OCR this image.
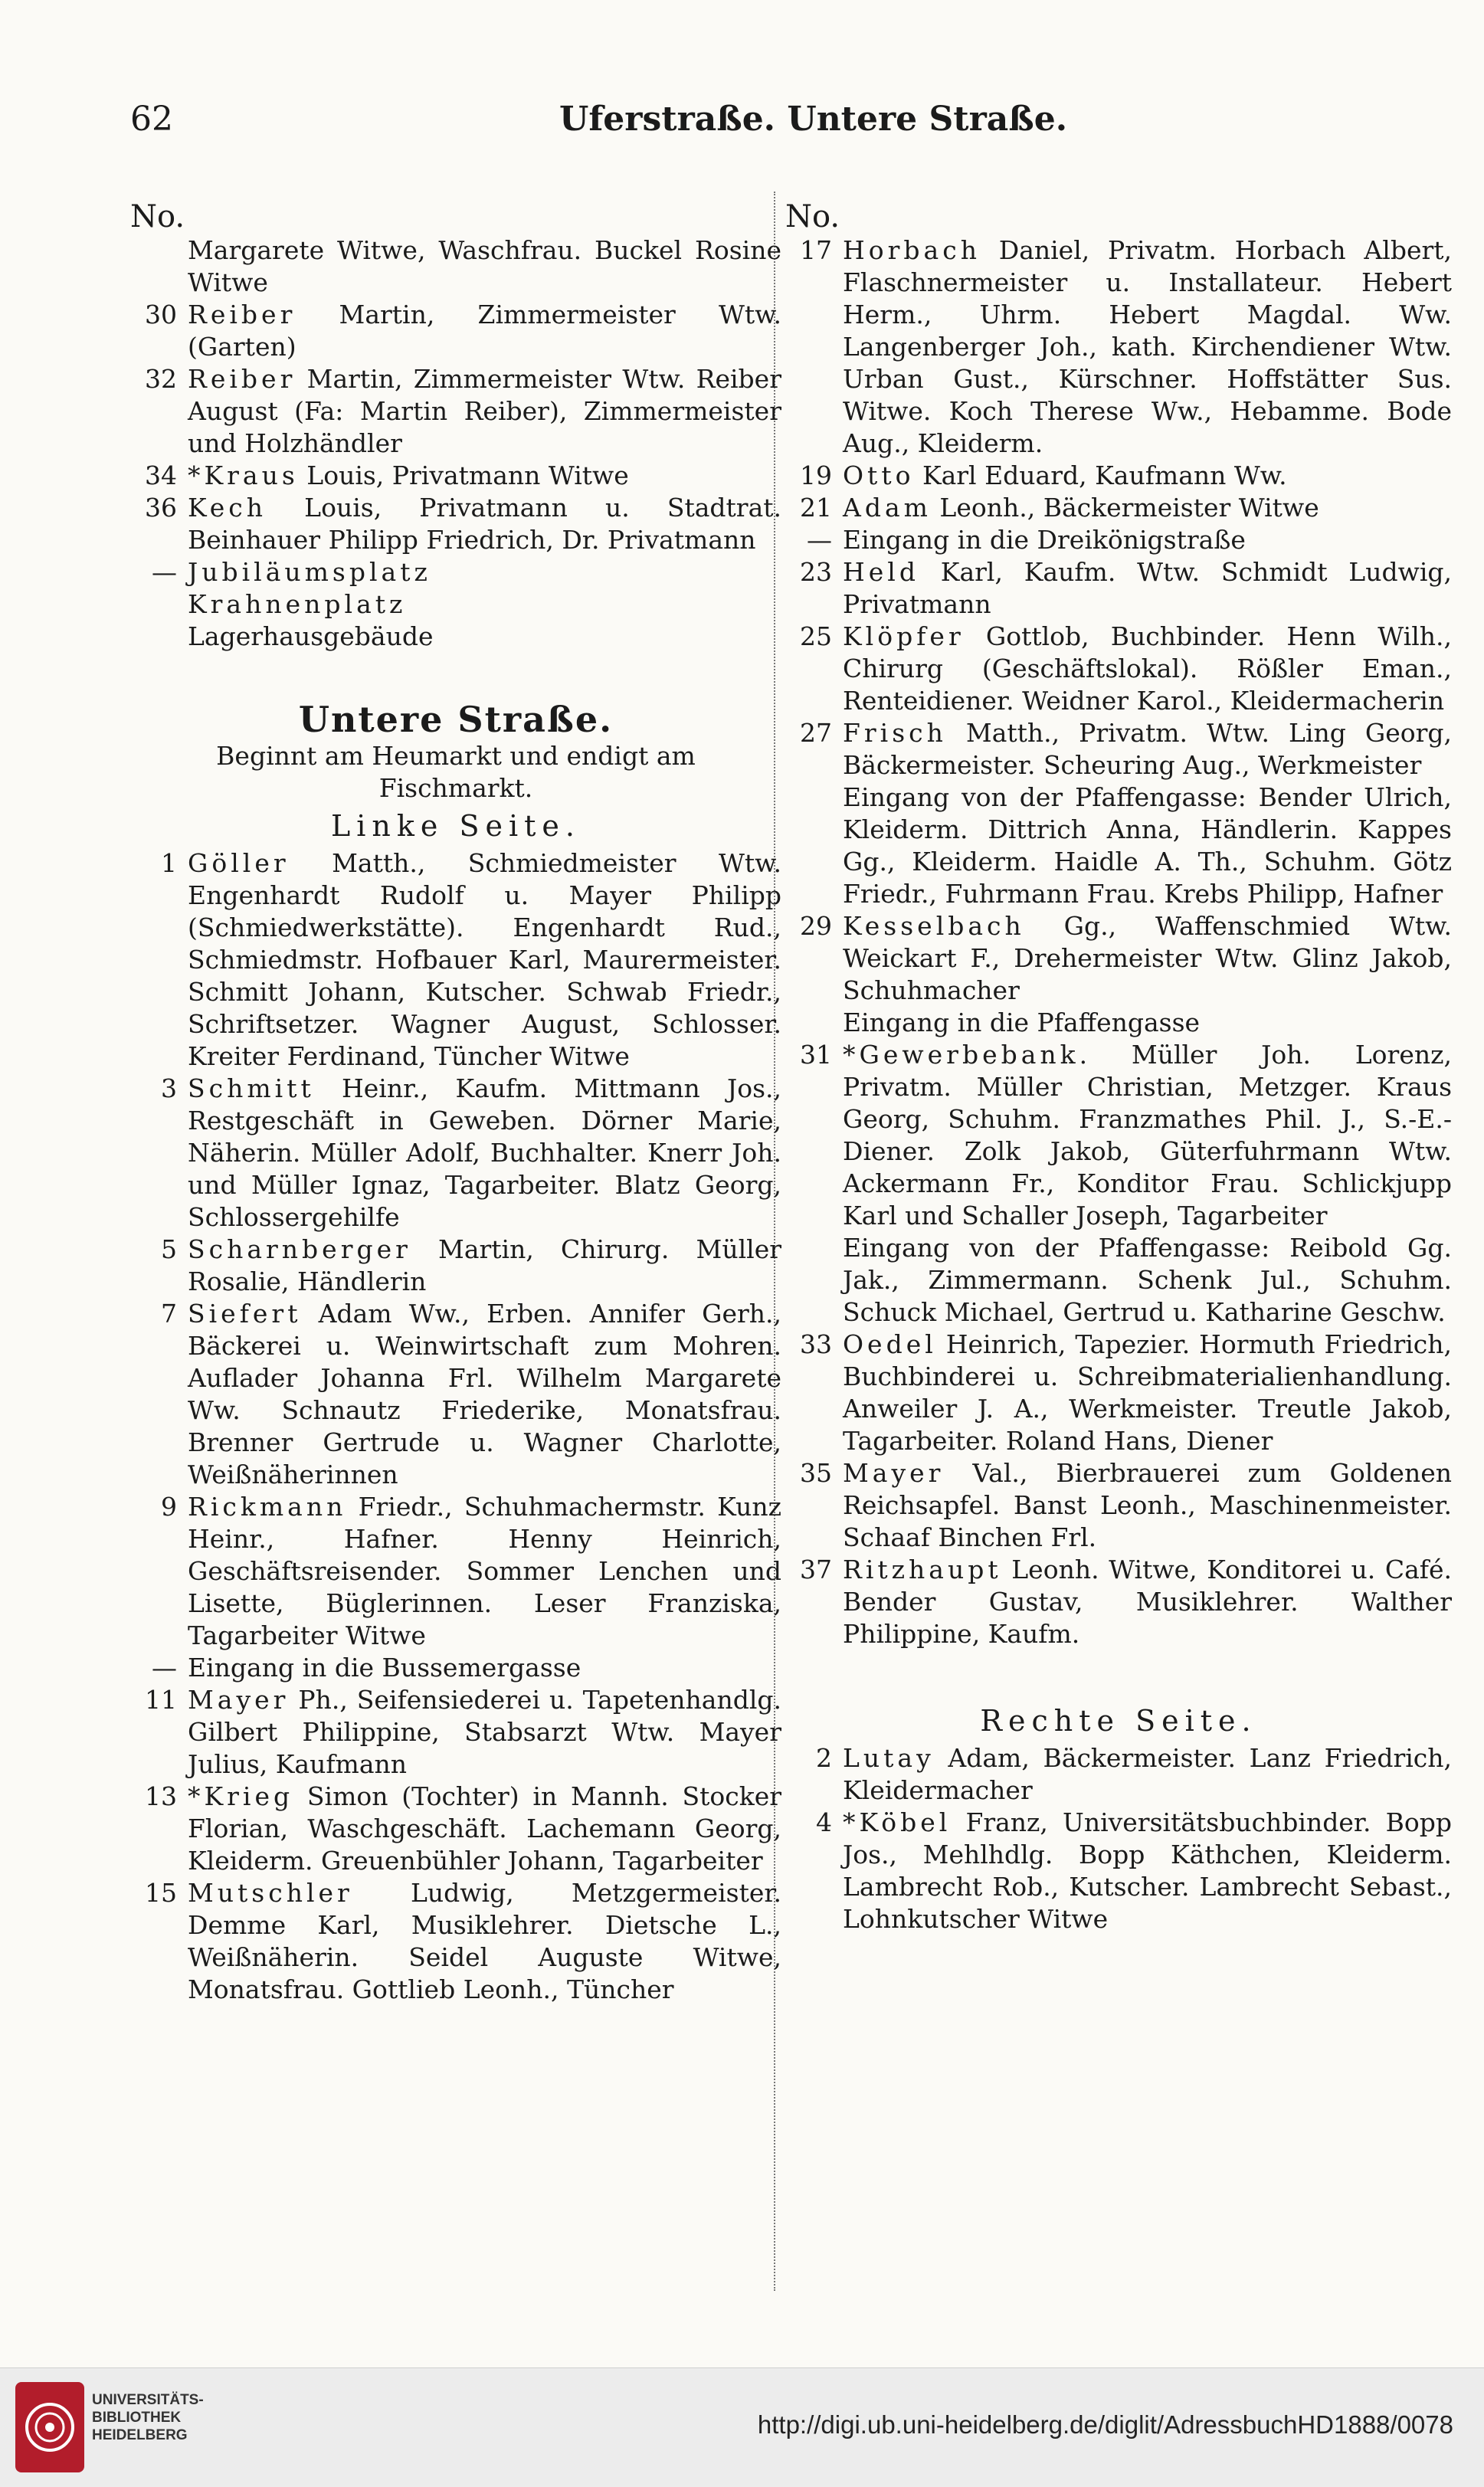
62	Uferstraße. Untere Straße.
No.
Margarete Witwe, Waschfrau. Buckel Rosine Witwe
30 Reiber Martin, Zimmermeister Wtw. (Garten)
32 Reiber Martin, Zimmermeister Wtw. Reiber August (Fa: Martin Reiber), Zimmermeister und Holzhändler
34 *Kraus Louis, Privatmann Witwe
36 Kech Louis, Privatmann u. Stadtrat. Beinhauer Philipp Friedrich, Dr. Privatmann
— Jubiläumsplatz
Krahnenplatz
Lagerhausgebäude
Untere Straße.
Beginnt am Heumarkt und endigt am Fischmarkt.
Linke Seite.
1 Göller Matth., Schmiedmeister Wtw. Engenhardt Rudolf u. Mayer Philipp (Schmiedwerkstätte). Engenhardt Rud., Schmiedmstr. Hofbauer Karl, Maurermeister. Schmitt Johann, Kutscher. Schwab Friedr., Schriftsetzer. Wagner August, Schlosser. Kreiter Ferdinand, Tüncher Witwe
3 Schmitt Heinr., Kaufm. Mittmann Jos., Restgeschäft in Geweben. Dörner Marie, Näherin. Müller Adolf, Buchhalter. Knerr Joh. und Müller Ignaz, Tagarbeiter. Blatz Georg, Schlossergehilfe
5 Scharnberger Martin, Chirurg. Müller Rosalie, Händlerin
7 Siefert Adam Ww., Erben. Annifer Gerh., Bäckerei u. Weinwirtschaft zum Mohren. Auflader Johanna Frl. Wilhelm Margarete Ww. Schnautz Friederike, Monatsfrau. Brenner Gertrude u. Wagner Charlotte, Weißnäherinnen
9 Rickmann Friedr., Schuhmachermstr. Kunz Heinr., Hafner. Henny Heinrich, Geschäftsreisender. Sommer Lenchen und Lisette, Büglerinnen. Leser Franziska, Tagarbeiter Witwe
— Eingang in die Bussemergasse
11 Mayer Ph., Seifensiederei u. Tapetenhandlg. Gilbert Philippine, Stabsarzt Wtw. Mayer Julius, Kaufmann
13 *Krieg Simon (Tochter) in Mannh. Stocker Florian, Waschgeschäft. Lachemann Georg, Kleiderm. Greuenbühler Johann, Tagarbeiter
15 Mutschler Ludwig, Metzgermeister. Demme Karl, Musiklehrer. Dietsche L., Weißnäherin. Seidel Auguste Witwe, Monatsfrau. Gottlieb Leonh., Tüncher
No.
17 Horbach Daniel, Privatm. Horbach Albert, Flaschnermeister u. Installateur. Hebert Herm., Uhrm. Hebert Magdal. Ww. Langenberger Joh., kath. Kirchendiener Wtw. Urban Gust., Kürschner. Hoffstätter Sus. Witwe. Koch Therese Ww., Hebamme. Bode Aug., Kleiderm.
19 Otto Karl Eduard, Kaufmann Ww.
21 Adam Leonh., Bäckermeister Witwe
— Eingang in die Dreikönigstraße
23 Held Karl, Kaufm. Wtw. Schmidt Ludwig, Privatmann
25 Klöpfer Gottlob, Buchbinder. Henn Wilh., Chirurg (Geschäftslokal). Rößler Eman., Renteidiener. Weidner Karol., Kleidermacherin
27 Frisch Matth., Privatm. Wtw. Ling Georg, Bäckermeister. Scheuring Aug., Werkmeister
Eingang von der Pfaffengasse: Bender Ulrich, Kleiderm. Dittrich Anna, Händlerin. Kappes Gg., Kleiderm. Haidle A. Th., Schuhm. Götz Friedr., Fuhrmann Frau. Krebs Philipp, Hafner
29 Kesselbach Gg., Waffenschmied Wtw. Weickart F., Drehermeister Wtw. Glinz Jakob, Schuhmacher
Eingang in die Pfaffengasse
31 *Gewerbebank. Müller Joh. Lorenz, Privatm. Müller Christian, Metzger. Kraus Georg, Schuhm. Franzmathes Phil. J., S.-E.-Diener. Zolk Jakob, Güterfuhrmann Wtw. Ackermann Fr., Konditor Frau. Schlickjupp Karl und Schaller Joseph, Tagarbeiter
Eingang von der Pfaffengasse: Reibold Gg. Jak., Zimmermann. Schenk Jul., Schuhm. Schuck Michael, Gertrud u. Katharine Geschw.
33 Oedel Heinrich, Tapezier. Hormuth Friedrich, Buchbinderei u. Schreibmaterialienhandlung. Anweiler J. A., Werkmeister. Treutle Jakob, Tagarbeiter. Roland Hans, Diener
35 Mayer Val., Bierbrauerei zum Goldenen Reichsapfel. Banst Leonh., Maschinenmeister. Schaaf Binchen Frl.
37 Ritzhaupt Leonh. Witwe, Konditorei u. Café. Bender Gustav, Musiklehrer. Walther Philippine, Kaufm.
Rechte Seite.
2 Lutay Adam, Bäckermeister. Lanz Friedrich, Kleidermacher
4 *Köbel Franz, Universitätsbuchbinder. Bopp Jos., Mehlhdlg. Bopp Käthchen, Kleiderm. Lambrecht Rob., Kutscher. Lambrecht Sebast., Lohnkutscher Witwe
UNIVERSITÄTS-
BIBLIOTHEK
HEIDELBERG	http://digi.ub.uni-heidelberg.de/diglit/AdressbuchHD1888/0078
